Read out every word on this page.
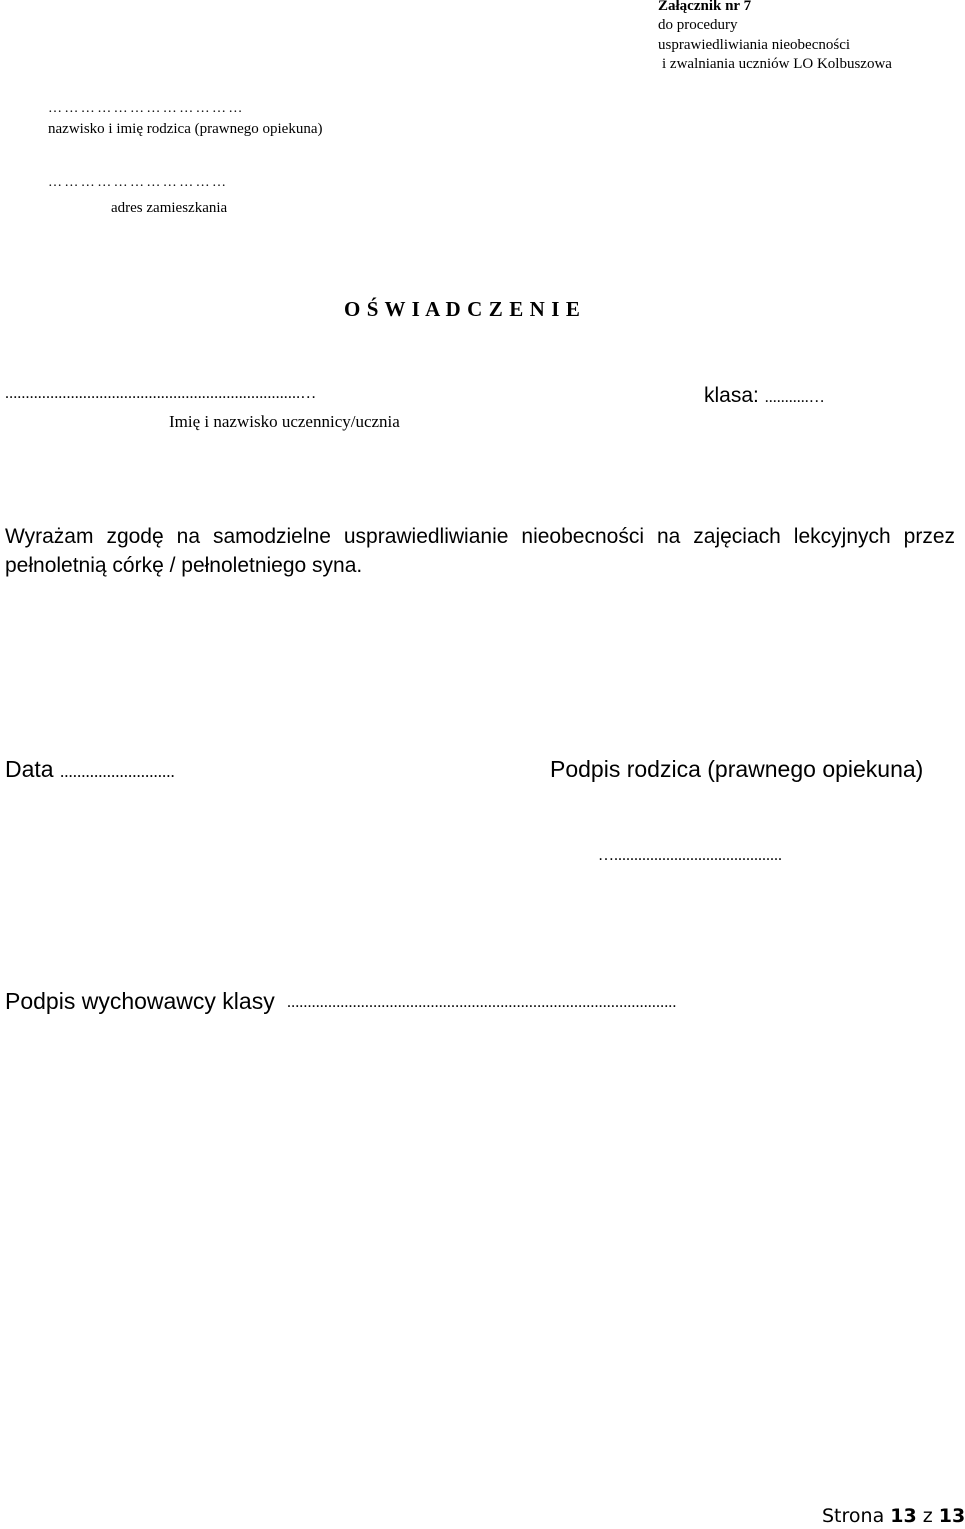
Załącznik nr 7
do procedury
usprawiedliwiania nieobecności
i zwalniania uczniów LO Kolbuszowa
………………………………
nazwisko i imię rodzica (prawnego opiekuna)
……………………………
adres zamieszkania
O Ś W I A D C Z E N I E
........................................................................…
Imię i nazwisko uczennicy/ucznia
klasa: ...........…
Wyrażam zgodę na samodzielne usprawiedliwianie nieobecności na zajęciach lekcyjnych przez pełnoletnią córkę / pełnoletniego syna.
Data ...........................	Podpis rodzica (prawnego opiekuna)
…..........................................
Podpis wychowawcy klasy ...............................................................................................
Strona 13 z 13
